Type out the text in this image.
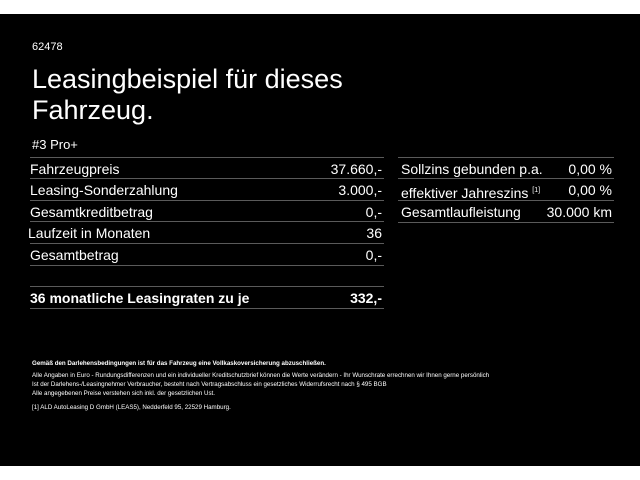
62478
Leasingbeispiel für dieses Fahrzeug.
#3 Pro+
Fahrzeugpreis	37.660,-
Leasing-Sonderzahlung	3.000,-
Gesamtkreditbetrag	0,-
Laufzeit in Monaten	36
Gesamtbetrag	0,-
36 monatliche Leasingraten zu je	332,-
Sollzins gebunden p.a. 0,00 %
effektiver Jahreszins [1] 0,00 %
Gesamtlaufleistung 30.000 km

Gemäß den Darlehensbedingungen ist für das Fahrzeug eine Vollkaskoversicherung abzuschließen.

Alle Angaben in Euro - Rundungsdifferenzen und ein individueller Kreditschutzbrief können die Werte verändern - Ihr Wunschrate errechnen wir Ihnen gerne persönlich

Ist der Darlehens-/Leasingnehmer Verbraucher, besteht nach Vertragsabschluss ein gesetzliches Widerrufsrecht nach § 495 BGB

Alle angegebenen Preise verstehen sich inkl. der gesetzlichen Ust.

[1] ALD AutoLeasing D GmbH (LEAS5), Nedderfeld 95, 22529 Hamburg.
